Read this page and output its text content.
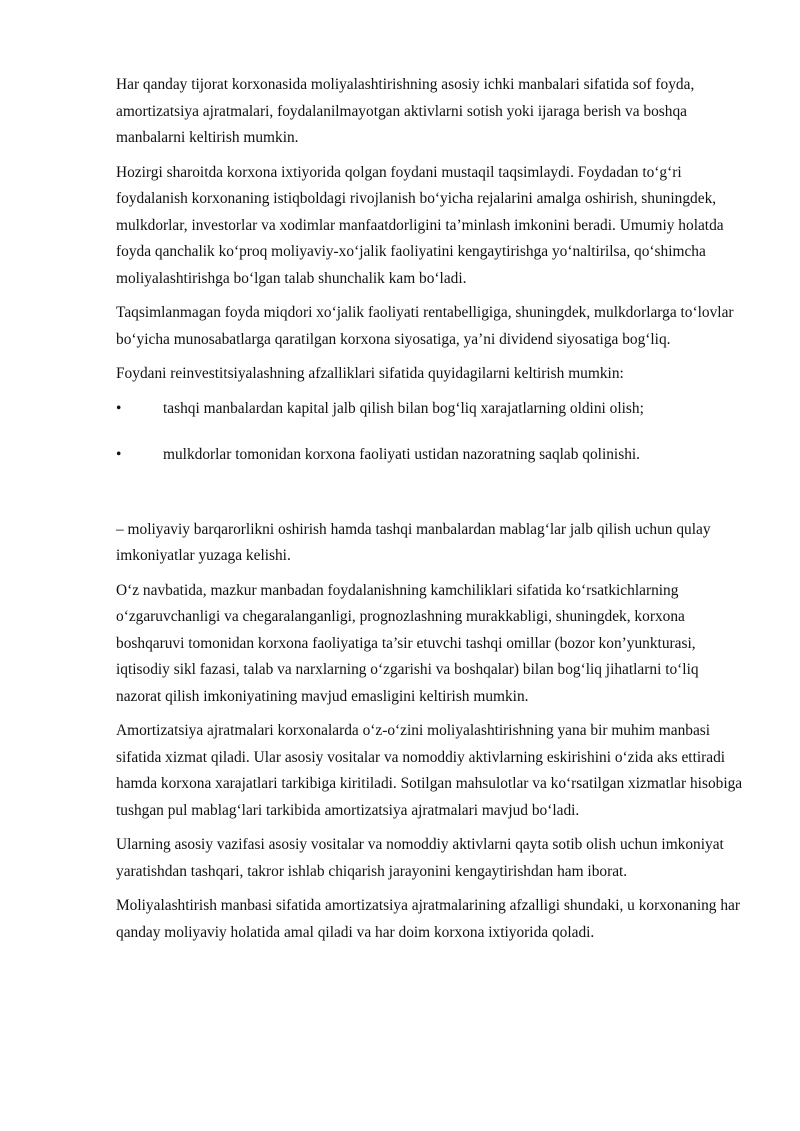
Har qanday tijorat korxonasida moliyalashtirishning asosiy ichki manbalari sifatida sof foyda, amortizatsiya ajratmalari, foydalanilmayotgan aktivlarni sotish yoki ijaraga berish va boshqa manbalarni keltirish mumkin.

Hozirgi sharoitda korxona ixtiyorida qolgan foydani mustaqil taqsimlaydi. Foydadan to‘g‘ri foydalanish korxonaning istiqboldagi rivojlanish bo‘yicha rejalarini amalga oshirish, shuningdek, mulkdorlar, investorlar va xodimlar manfaatdorligini ta’minlash imkonini beradi. Umumiy holatda foyda qanchalik ko‘proq moliyaviy-xo‘jalik faoliyatini kengaytirishga yo‘naltirilsa, qo‘shimcha moliyalashtirishga bo‘lgan talab shunchalik kam bo‘ladi.

Taqsimlanmagan foyda miqdori xo‘jalik faoliyati rentabelligiga, shuningdek, mulkdorlarga to‘lovlar bo‘yicha munosabatlarga qaratilgan korxona siyosatiga, ya’ni dividend siyosatiga bog‘liq.

Foydani reinvestitsiyalashning afzalliklari sifatida quyidagilarni keltirish mumkin:

•	tashqi manbalardan kapital jalb qilish bilan bog‘liq xarajatlarning oldini olish;
•	mulkdorlar tomonidan korxona faoliyati ustidan nazoratning saqlab qolinishi.

– moliyaviy barqarorlikni oshirish hamda tashqi manbalardan mablag‘lar jalb qilish uchun qulay imkoniyatlar yuzaga kelishi.

O‘z navbatida, mazkur manbadan foydalanishning kamchiliklari sifatida ko‘rsatkichlarning o‘zgaruvchanligi va chegaralanganligi, prognozlashning murakkabligi, shuningdek, korxona boshqaruvi tomonidan korxona faoliyatiga ta’sir etuvchi tashqi omillar (bozor kon’yunkturasi, iqtisodiy sikl fazasi, talab va narxlarning o‘zgarishi va boshqalar) bilan bog‘liq jihatlarni to‘liq nazorat qilish imkoniyatining mavjud emasligini keltirish mumkin.

Amortizatsiya ajratmalari korxonalarda o‘z-o‘zini moliyalashtirishning yana bir muhim manbasi sifatida xizmat qiladi. Ular asosiy vositalar va nomoddiy aktivlarning eskirishini o‘zida aks ettiradi hamda korxona xarajatlari tarkibiga kiritiladi. Sotilgan mahsulotlar va ko‘rsatilgan xizmatlar hisobiga tushgan pul mablag‘lari tarkibida amortizatsiya ajratmalari mavjud bo‘ladi.

Ularning asosiy vazifasi asosiy vositalar va nomoddiy aktivlarni qayta sotib olish uchun imkoniyat yaratishdan tashqari, takror ishlab chiqarish jarayonini kengaytirishdan ham iborat.

Moliyalashtirish manbasi sifatida amortizatsiya ajratmalarining afzalligi shundaki, u korxonaning har qanday moliyaviy holatida amal qiladi va har doim korxona ixtiyorida qoladi.
